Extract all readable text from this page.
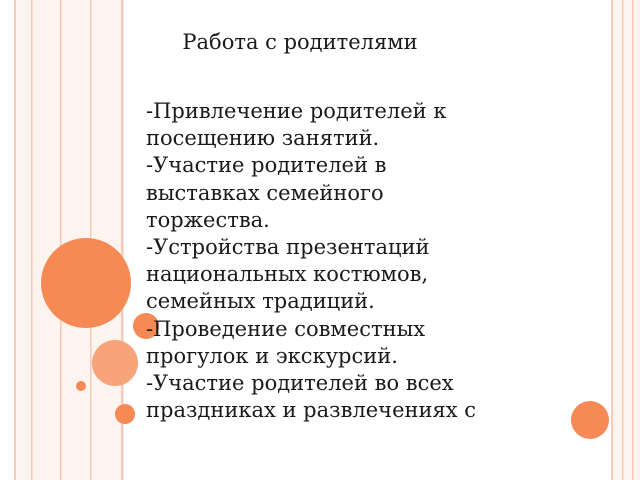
Работа с родителями
-Привлечение родителей к
посещению занятий.
-Участие родителей в
выставках семейного
торжества.
-Устройства презентаций
национальных костюмов,
семейных традиций.
-Проведение совместных
прогулок и экскурсий.
-Участие родителей во всех
праздниках и развлечениях с
